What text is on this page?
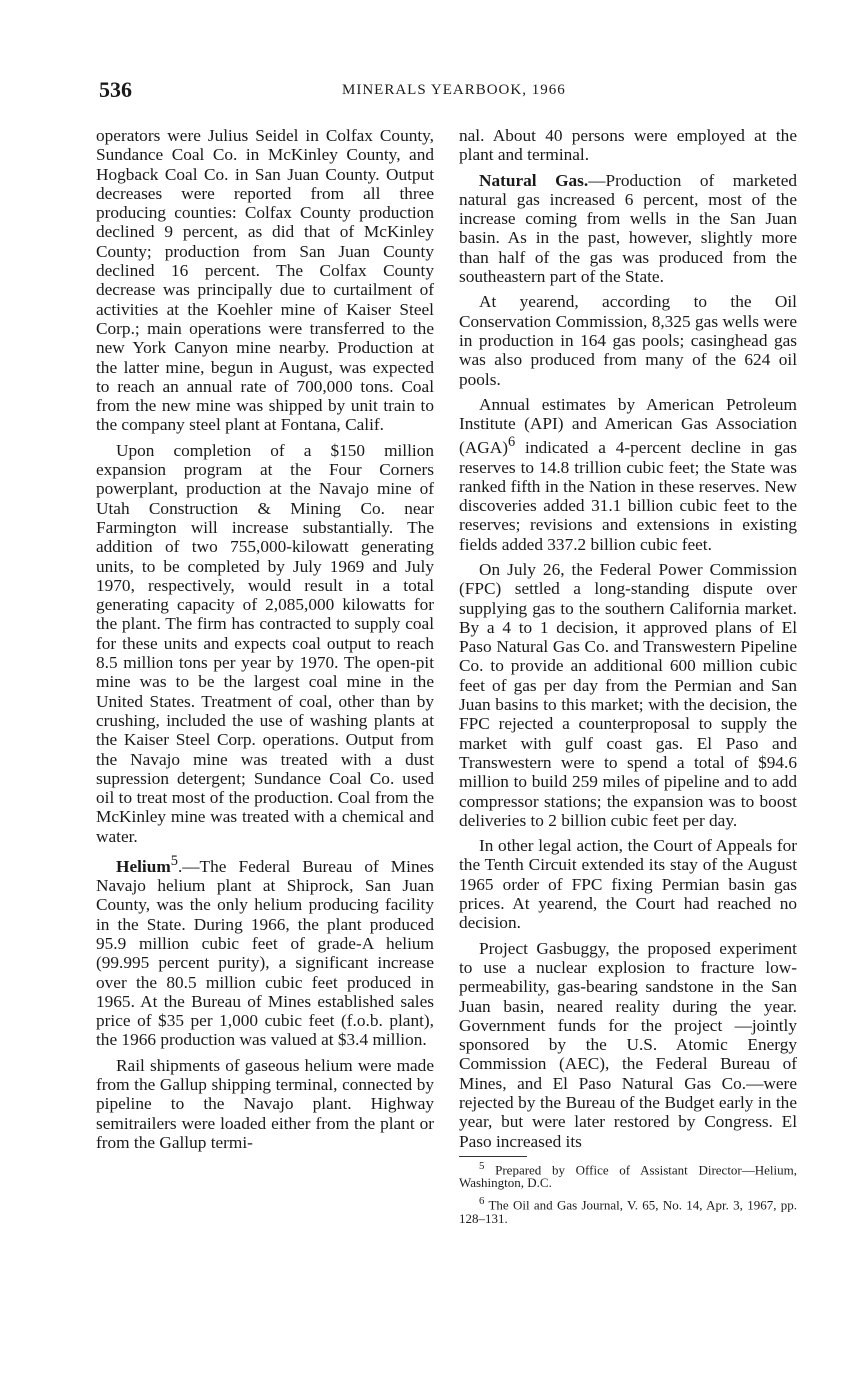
536	MINERALS YEARBOOK, 1966

operators were Julius Seidel in Colfax County, Sundance Coal Co. in McKinley County, and Hogback Coal Co. in San Juan County. Output decreases were reported from all three producing counties: Colfax County production declined 9 percent, as did that of McKinley County; production from San Juan County declined 16 percent. The Colfax County decrease was principally due to curtailment of activities at the Koehler mine of Kaiser Steel Corp.; main operations were transferred to the new York Canyon mine nearby. Production at the latter mine, begun in August, was expected to reach an annual rate of 700,000 tons. Coal from the new mine was shipped by unit train to the company steel plant at Fontana, Calif.

Upon completion of a $150 million expansion program at the Four Corners powerplant, production at the Navajo mine of Utah Construction & Mining Co. near Farmington will increase substantially. The addition of two 755,000-kilowatt generating units, to be completed by July 1969 and July 1970, respectively, would result in a total generating capacity of 2,085,000 kilowatts for the plant. The firm has contracted to supply coal for these units and expects coal output to reach 8.5 million tons per year by 1970. The open-pit mine was to be the largest coal mine in the United States. Treatment of coal, other than by crushing, included the use of washing plants at the Kaiser Steel Corp. operations. Output from the Navajo mine was treated with a dust supression detergent; Sundance Coal Co. used oil to treat most of the production. Coal from the McKinley mine was treated with a chemical and water.

Helium$^5$.—The Federal Bureau of Mines Navajo helium plant at Shiprock, San Juan County, was the only helium producing facility in the State. During 1966, the plant produced 95.9 million cubic feet of grade-A helium (99.995 percent purity), a significant increase over the 80.5 million cubic feet produced in 1965. At the Bureau of Mines established sales price of $35 per 1,000 cubic feet (f.o.b. plant), the 1966 production was valued at $3.4 million.

Rail shipments of gaseous helium were made from the Gallup shipping terminal, connected by pipeline to the Navajo plant. Highway semitrailers were loaded either from the plant or from the Gallup termi-

nal. About 40 persons were employed at the plant and terminal.

Natural Gas.—Production of marketed natural gas increased 6 percent, most of the increase coming from wells in the San Juan basin. As in the past, however, slightly more than half of the gas was produced from the southeastern part of the State.

At yearend, according to the Oil Conservation Commission, 8,325 gas wells were in production in 164 gas pools; casinghead gas was also produced from many of the 624 oil pools.

Annual estimates by American Petroleum Institute (API) and American Gas Association (AGA)$^6$ indicated a 4-percent decline in gas reserves to 14.8 trillion cubic feet; the State was ranked fifth in the Nation in these reserves. New discoveries added 31.1 billion cubic feet to the reserves; revisions and extensions in existing fields added 337.2 billion cubic feet.

On July 26, the Federal Power Commission (FPC) settled a long-standing dispute over supplying gas to the southern California market. By a 4 to 1 decision, it approved plans of El Paso Natural Gas Co. and Transwestern Pipeline Co. to provide an additional 600 million cubic feet of gas per day from the Permian and San Juan basins to this market; with the decision, the FPC rejected a counterproposal to supply the market with gulf coast gas. El Paso and Transwestern were to spend a total of $94.6 million to build 259 miles of pipeline and to add compressor stations; the expansion was to boost deliveries to 2 billion cubic feet per day.

In other legal action, the Court of Appeals for the Tenth Circuit extended its stay of the August 1965 order of FPC fixing Permian basin gas prices. At yearend, the Court had reached no decision.

Project Gasbuggy, the proposed experiment to use a nuclear explosion to fracture low-permeability, gas-bearing sandstone in the San Juan basin, neared reality during the year. Government funds for the project —jointly sponsored by the U.S. Atomic Energy Commission (AEC), the Federal Bureau of Mines, and El Paso Natural Gas Co.—were rejected by the Bureau of the Budget early in the year, but were later restored by Congress. El Paso increased its

$^5$ Prepared by Office of Assistant Director—Helium, Washington, D.C.

$^6$ The Oil and Gas Journal, V. 65, No. 14, Apr. 3, 1967, pp. 128–131.
